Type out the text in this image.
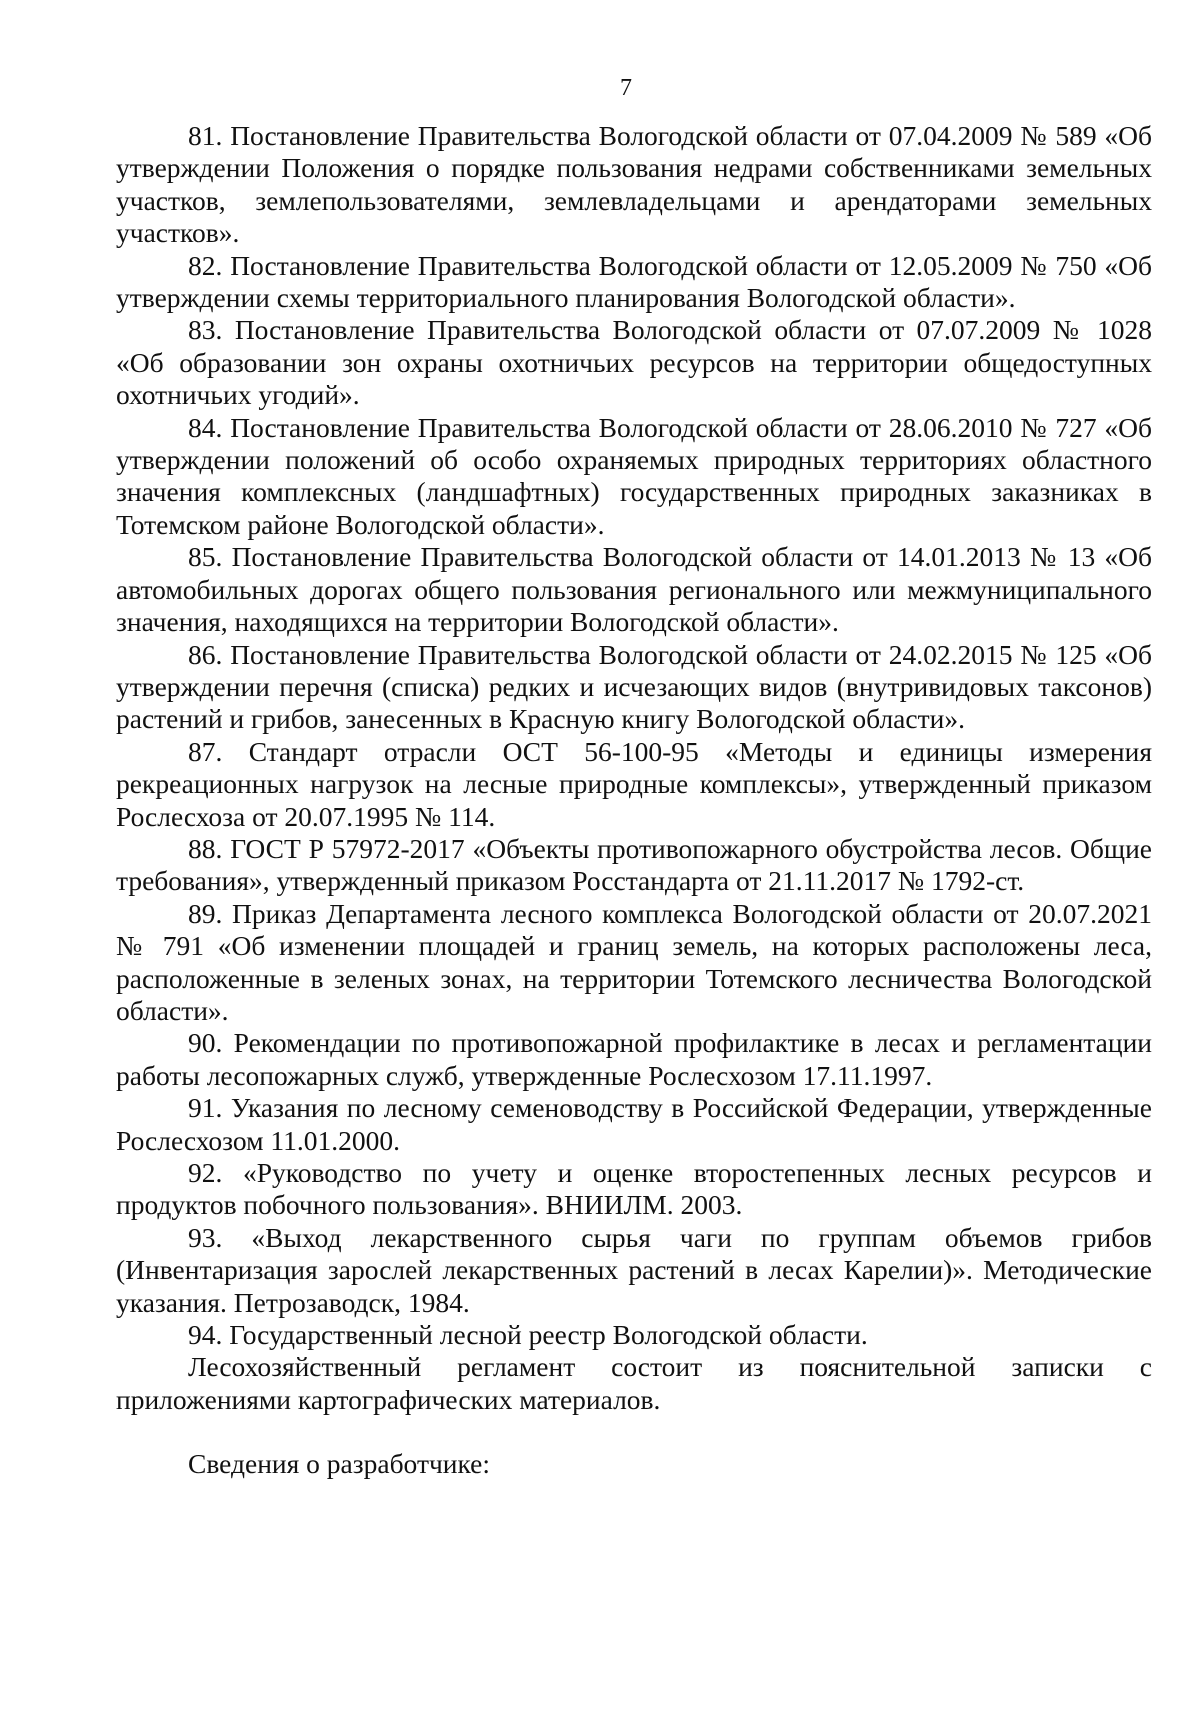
7

81. Постановление Правительства Вологодской области от 07.04.2009 № 589 «Об утверждении Положения о порядке пользования недрами собственниками земельных участков, землепользователями, землевладельцами и арендаторами земельных участков».

82. Постановление Правительства Вологодской области от 12.05.2009 № 750 «Об утверждении схемы территориального планирования Вологодской области».

83. Постановление Правительства Вологодской области от 07.07.2009 № 1028 «Об образовании зон охраны охотничьих ресурсов на территории общедоступных охотничьих угодий».

84. Постановление Правительства Вологодской области от 28.06.2010 № 727 «Об утверждении положений об особо охраняемых природных территориях областного значения комплексных (ландшафтных) государственных природных заказниках в Тотемском районе Вологодской области».

85. Постановление Правительства Вологодской области от 14.01.2013 № 13 «Об автомобильных дорогах общего пользования регионального или межмуниципального значения, находящихся на территории Вологодской области».

86. Постановление Правительства Вологодской области от 24.02.2015 № 125 «Об утверждении перечня (списка) редких и исчезающих видов (внутривидовых таксонов) растений и грибов, занесенных в Красную книгу Вологодской области».

87. Стандарт отрасли ОСТ 56-100-95 «Методы и единицы измерения рекреационных нагрузок на лесные природные комплексы», утвержденный приказом Рослесхоза от 20.07.1995 № 114.

88. ГОСТ Р 57972-2017 «Объекты противопожарного обустройства лесов. Общие требования», утвержденный приказом Росстандарта от 21.11.2017 № 1792-ст.

89. Приказ Департамента лесного комплекса Вологодской области от 20.07.2021 № 791 «Об изменении площадей и границ земель, на которых расположены леса, расположенные в зеленых зонах, на территории Тотемского лесничества Вологодской области».

90. Рекомендации по противопожарной профилактике в лесах и регламентации работы лесопожарных служб, утвержденные Рослесхозом 17.11.1997.

91. Указания по лесному семеноводству в Российской Федерации, утвержденные Рослесхозом 11.01.2000.

92. «Руководство по учету и оценке второстепенных лесных ресурсов и продуктов побочного пользования». ВНИИЛМ. 2003.

93. «Выход лекарственного сырья чаги по группам объемов грибов (Инвентаризация зарослей лекарственных растений в лесах Карелии)». Методические указания. Петрозаводск, 1984.

94. Государственный лесной реестр Вологодской области.

Лесохозяйственный регламент состоит из пояснительной записки с приложениями картографических материалов.

Сведения о разработчике:
